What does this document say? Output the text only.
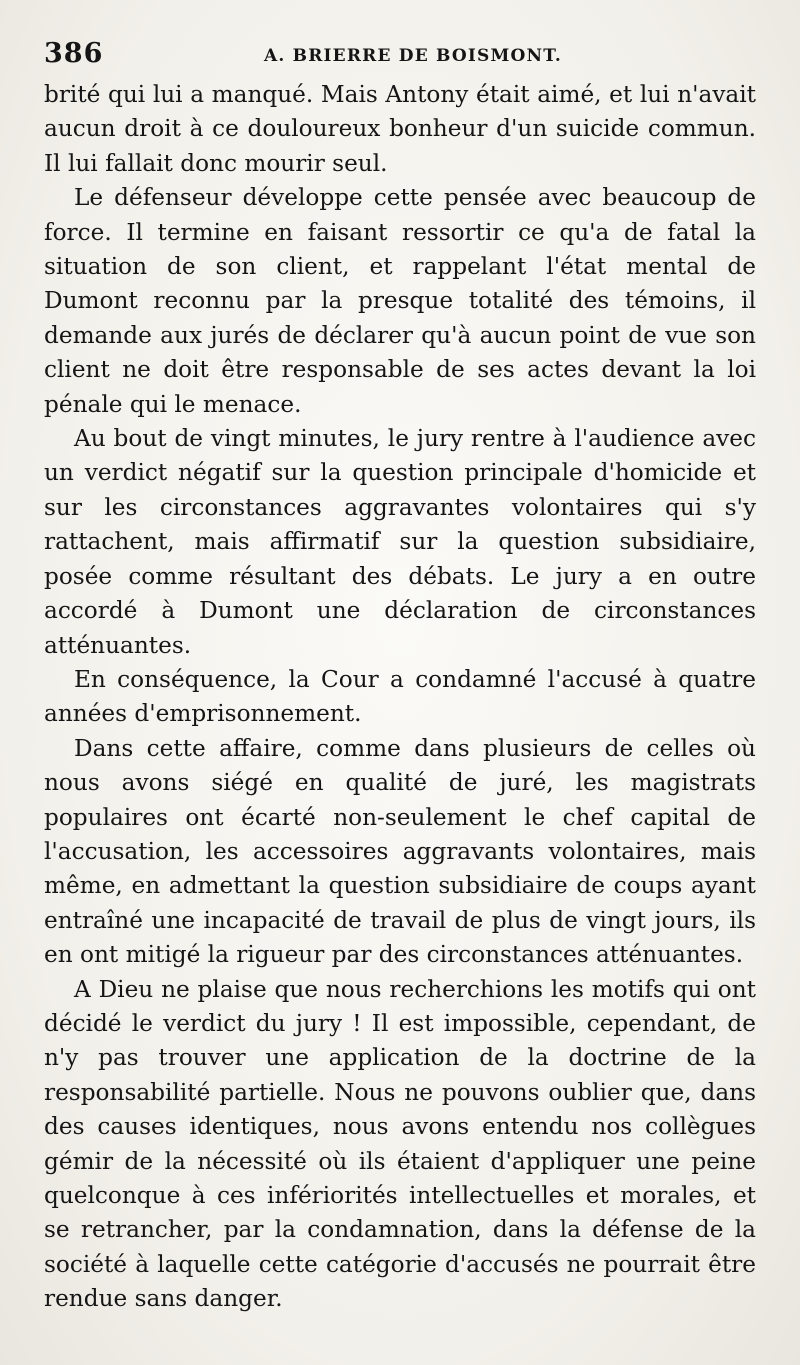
386	A. BRIERRE DE BOISMONT.

brité qui lui a manqué. Mais Antony était aimé, et lui n'avait aucun droit à ce douloureux bonheur d'un suicide commun. Il lui fallait donc mourir seul.

Le défenseur développe cette pensée avec beaucoup de force. Il termine en faisant ressortir ce qu'a de fatal la situation de son client, et rappelant l'état mental de Dumont reconnu par la presque totalité des témoins, il demande aux jurés de déclarer qu'à aucun point de vue son client ne doit être responsable de ses actes devant la loi pénale qui le menace.

Au bout de vingt minutes, le jury rentre à l'audience avec un verdict négatif sur la question principale d'homicide et sur les circonstances aggravantes volontaires qui s'y rattachent, mais affirmatif sur la question subsidiaire, posée comme résultant des débats. Le jury a en outre accordé à Dumont une déclaration de circonstances atténuantes.

En conséquence, la Cour a condamné l'accusé à quatre années d'emprisonnement.

Dans cette affaire, comme dans plusieurs de celles où nous avons siégé en qualité de juré, les magistrats populaires ont écarté non-seulement le chef capital de l'accusation, les accessoires aggravants volontaires, mais même, en admettant la question subsidiaire de coups ayant entraîné une incapacité de travail de plus de vingt jours, ils en ont mitigé la rigueur par des circonstances atténuantes.

A Dieu ne plaise que nous recherchions les motifs qui ont décidé le verdict du jury ! Il est impossible, cependant, de n'y pas trouver une application de la doctrine de la responsabilité partielle. Nous ne pouvons oublier que, dans des causes identiques, nous avons entendu nos collègues gémir de la nécessité où ils étaient d'appliquer une peine quelconque à ces infériorités intellectuelles et morales, et se retrancher, par la condamnation, dans la défense de la société à laquelle cette catégorie d'accusés ne pourrait être rendue sans danger.
